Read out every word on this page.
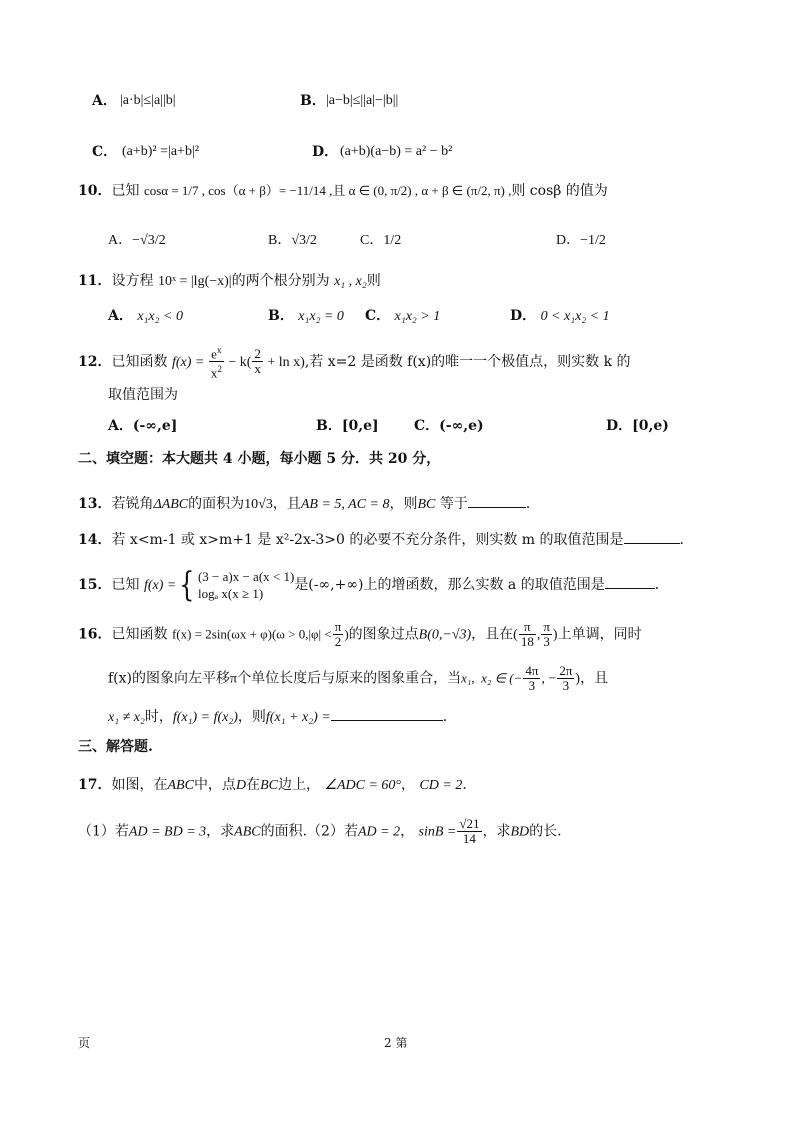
A． |a·b|≤|a||b|	B． |a−b|≤||a|−|b||
C． (a+b)² =|a+b|²	D． (a+b)(a−b) = a² − b²
10．已知 cosα = 1/7 , cos（α + β）= −11/14 ,且 α ∈ (0, π/2) , α + β ∈ (π/2, π) ,则 cosβ 的值为
A．−√3/2	B．√3/2	C．1/2	D．−1/2
11．设方程 10ˣ = |lg(−x)|的两个根分别为 x₁ , x₂则
A． x₁x₂ < 0	B． x₁x₂ = 0 C． x₁x₂ > 1	D． 0 < x₁x₂ < 1
12．已知函数 $f(x) = \frac{e^x}{x^2} - k( \frac{2}{x} + \ln x)$,若 x=2 是函数 f(x)的唯一一个极值点，则实数 k 的
取值范围为
A．(-∞,e]	B．[0,e]	C．(-∞,e)	D．[0,e)
二、填空题：本大题共 4 小题，每小题 5 分．共 20 分，
13．若锐角ΔABC的面积为10√3，且AB = 5, AC = 8，则BC 等于	．
14．若 x<m-1 或 x>m+1 是 x²-2x-3>0 的必要不充分条件，则实数 m 的取值范围是	．
15．已知 f(x) ={ (3 − a)x − a(x < 1)
logₐ x(x ≥ 1)
是(-∞,+∞)上的增函数，那么实数 a 的取值范围是	．
16．已知函数 $f(x) = 2\sin(\omega x + \varphi)(\omega > 0,|\varphi| < \frac{\pi}{2}$ )的图象过点B(0,−√3)，且在( $\frac{\pi}{18}$ , $\frac{\pi}{3}$ )上单调，同时
f(x)的图象向左平移π个单位长度后与原来的图象重合，当x₁,  x₂ ∈ (− $\frac{4\pi}{3}$ , − $\frac{2\pi}{3}$ )，且
x₁ ≠ x₂时，f(x₁) = f(x₂)，则f(x₁ + x₂) =	．
三、解答题.
17．如图，在ABC中，点D在BC边上， ∠ADC = 60°， CD = 2．
（1）若AD = BD = 3，求ABC的面积.（2）若AD = 2， $\sin B = \frac{√21}{14}$ ，求BD的长.
页	2 第
